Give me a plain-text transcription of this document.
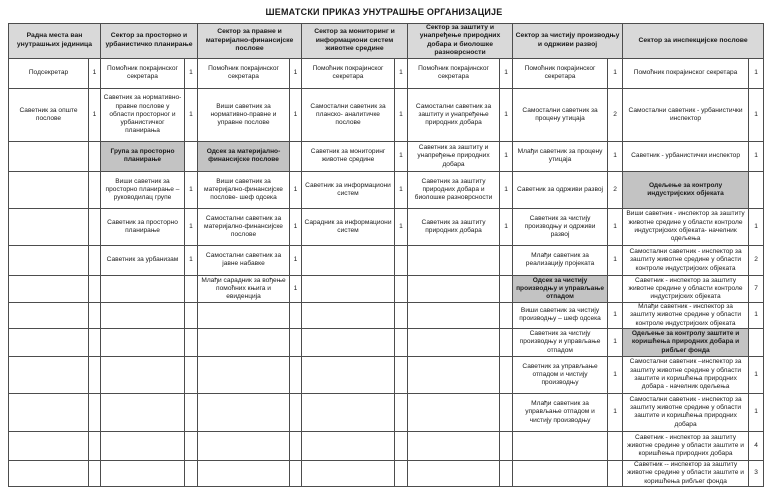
ШЕМАТСКИ ПРИКАЗ УНУТРАШЊЕ ОРГАНИЗАЦИЈЕ
Радна места ван унутрашњих јединица		Сектор за просторно и урбанистичко планирање		Сектор за правне и материјално-финансијске послове		Сектор за мониторинг и информациони систем животне средине		Сектор за заштиту и унапређење природних добара и биолошке разноврсности		Сектор за чистију производњу и одрживи развој		Сектор за инспекцијске послове	
Подсекретар	1	Помоћник покрајинског секретара	1	Помоћник покрајинског секретара	1	Помоћник покрајинског секретара	1	Помоћник покрајинског секретара	1	Помоћник покрајинског секретара	1	Помоћник покрајинског секретара	1
Саветник за опште послове	1	Саветник за нормативно- правне послове у области просторног и урбанистичког планирања	1	Виши саветник за нормативно-правне и управне послове	1	Самостални саветник за планско- аналитичке послове	1	Самостални саветник за заштиту и унапређење природних добара	1	Самостални саветник за процену утицаја	2	Самостални саветник - урбанистички инспектор	1
		Група за просторно планирање		Одсек за материјално-финансијске послове		Саветник за мониторинг животне средине	1	Саветник за заштиту и унапређење природних добара	1	Млађи саветник за процену утицаја	1	Саветник - урбанистички инспектор	1
		Виши саветник за просторно планирање – руководилац групе	1	Виши саветник за материјално-финансијске послове- шеф одсека	1	Саветник за информациони систем	1	Саветник за заштиту природних добара и биолошке разноврсности	1	Саветник за одрживи развој	2	Одељење за контролу индустријских објеката	
		Саветник за просторно планирање	1	Самостални саветник за материјално-финансијске послове	1	Сарадник за информациони систем	1	Саветник за заштиту природних добара	1	Саветник за чистију производњу и одрживи развој	1	Виши саветник - инспектор за заштиту животне средине у области контроле индустријских објеката- начелник одељења	1
		Саветник за урбанизам	1	Самостални саветник за јавне набавке	1					Млађи саветник за реализацију пројеката	1	Самостални саветник - инспектор за заштиту животне средине у области контроле индустријских објеката	2
				Млађи сарадник за вођење помоћних књига и евиденција	1					Одсек за чистију производњу и управљање отпадом		Саветник - инспектор за заштиту животне средине у области контроле индустријских објеката	7
										Виши саветник за чистију производњу – шеф одсека	1	Млађи саветник - инспектор за заштиту животне средине у области контроле индустријских објеката	1
										Саветник за чистију производњу и управљање отпадом	1	Одељење за контролу заштите и коришћења природних добара и рибљег фонда	
										Саветник за управљање отпадом и чистију производњу	1	Самостални саветник –инспектор за заштиту животне средине у области заштите и коришћења природних добара - начелник одељења	1
										Млађи саветник за управљање отпадом и чистију производњу	1	Самостални саветник - инспектор за заштиту животне средине у области заштите и коришћења природних добара	1
												Саветник - инспектор за заштиту животне средине у области заштите и коришћења природних добара	4
												Саветник -- инспектор за заштиту животне средине у области заштите и коришћења рибљег фонда	3
